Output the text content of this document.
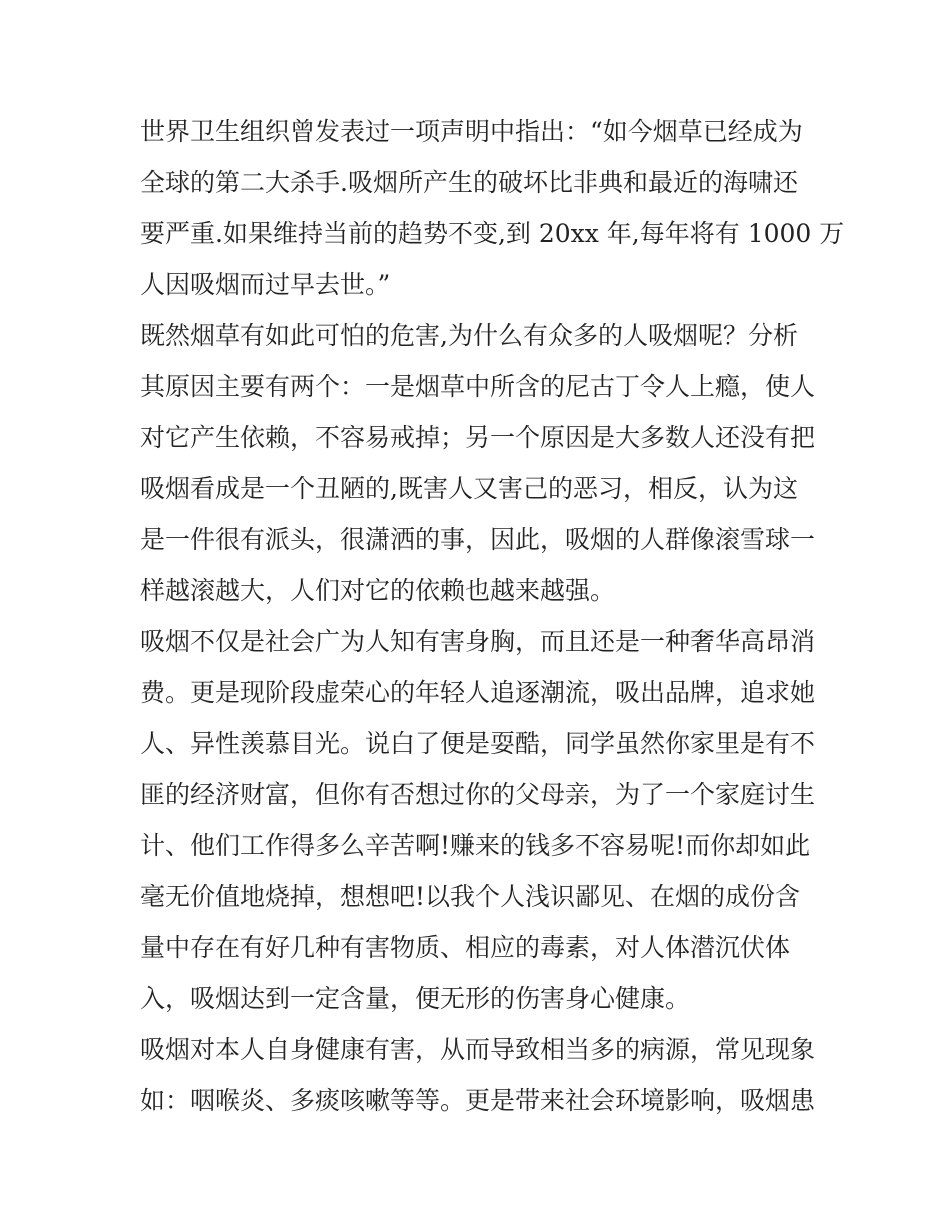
世界卫生组织曾发表过一项声明中指出：“如今烟草已经成为
全球的第二大杀手.吸烟所产生的破坏比非典和最近的海啸还
要严重.如果维持当前的趋势不变,到 20xx 年,每年将有 1000 万
人因吸烟而过早去世。”
既然烟草有如此可怕的危害,为什么有众多的人吸烟呢？分析
其原因主要有两个：一是烟草中所含的尼古丁令人上瘾，使人
对它产生依赖，不容易戒掉；另一个原因是大多数人还没有把
吸烟看成是一个丑陋的,既害人又害己的恶习，相反，认为这
是一件很有派头，很潇洒的事，因此，吸烟的人群像滚雪球一
样越滚越大，人们对它的依赖也越来越强。
吸烟不仅是社会广为人知有害身胸，而且还是一种奢华高昂消
费。更是现阶段虚荣心的年轻人追逐潮流，吸出品牌，追求她
人、异性羡慕目光。说白了便是耍酷，同学虽然你家里是有不
匪的经济财富，但你有否想过你的父母亲，为了一个家庭讨生
计、他们工作得多么辛苦啊!赚来的钱多不容易呢!而你却如此
毫无价值地烧掉，想想吧!以我个人浅识鄙见、在烟的成份含
量中存在有好几种有害物质、相应的毒素，对人体潜沉伏体
入，吸烟达到一定含量，便无形的伤害身心健康。
吸烟对本人自身健康有害，从而导致相当多的病源，常见现象
如：咽喉炎、多痰咳嗽等等。更是带来社会环境影响，吸烟患
